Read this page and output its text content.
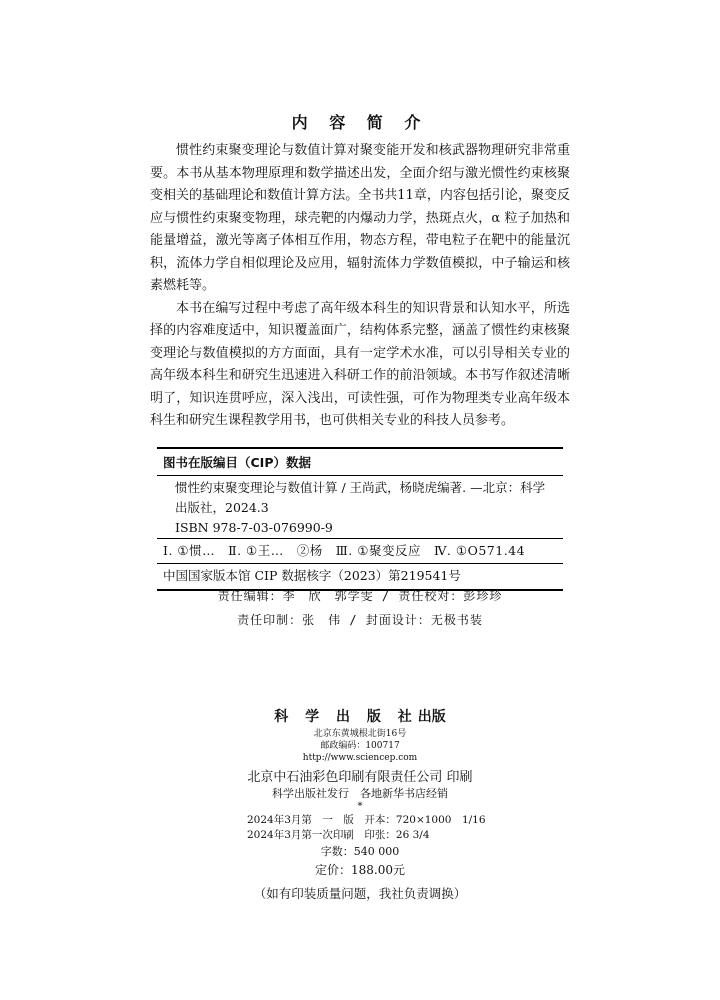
内 容 简 介

惯性约束聚变理论与数值计算对聚变能开发和核武器物理研究非常重要。本书从基本物理原理和数学描述出发，全面介绍与激光惯性约束核聚变相关的基础理论和数值计算方法。全书共11章，内容包括引论，聚变反应与惯性约束聚变物理，球壳靶的内爆动力学，热斑点火，α 粒子加热和能量增益，激光等离子体相互作用，物态方程，带电粒子在靶中的能量沉积，流体力学自相似理论及应用，辐射流体力学数值模拟，中子输运和核素燃耗等。

本书在编写过程中考虑了高年级本科生的知识背景和认知水平，所选择的内容难度适中，知识覆盖面广，结构体系完整，涵盖了惯性约束核聚变理论与数值模拟的方方面面，具有一定学术水准，可以引导相关专业的高年级本科生和研究生迅速进入科研工作的前沿领域。本书写作叙述清晰明了，知识连贯呼应，深入浅出，可读性强，可作为物理类专业高年级本科生和研究生课程教学用书，也可供相关专业的科技人员参考。

图书在版编目（CIP）数据
惯性约束聚变理论与数值计算 / 王尚武，杨晓虎编著. —北京：科学
出版社，2024.3
ISBN 978-7-03-076990-9
Ⅰ. ①惯…　Ⅱ. ①王…　②杨　Ⅲ. ①聚变反应　Ⅳ. ①O571.44
中国国家版本馆 CIP 数据核字（2023）第219541号
责任编辑：李　欣　郭学雯 / 责任校对：彭珍珍
责任印制：张　伟 / 封面设计：无极书装
科 学 出 版 社出版
北京东黄城根北街16号
邮政编码：100717
http://www.sciencep.com
北京中石油彩色印刷有限责任公司 印刷
科学出版社发行　各地新华书店经销
*
2024年3月第　一　版　开本：720×1000　1/16
2024年3月第一次印刷　印张：26 3/4
字数：540 000
定价：188.00元
（如有印装质量问题，我社负责调换）
